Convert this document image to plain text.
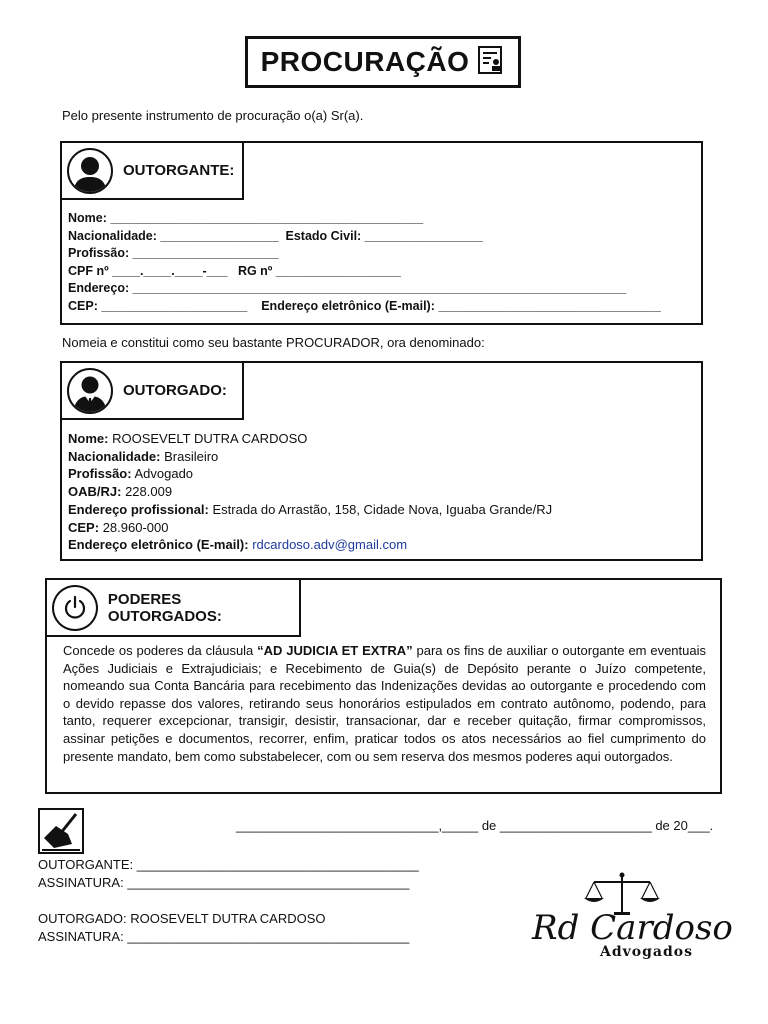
PROCURAÇÃO
Pelo presente instrumento de procuração o(a) Sr(a).
OUTORGANTE:
Nome: _____________________________________________
Nacionalidade: _________________  Estado Civil: _________________
Profissão: _____________________
CPF nº ____.____.____-___   RG nº __________________
Endereço: _______________________________________________________________________
CEP: _____________________    Endereço eletrônico (E-mail): ________________________________
Nomeia e constitui como seu bastante PROCURADOR, ora denominado:
OUTORGADO:
Nome: ROOSEVELT DUTRA CARDOSO
Nacionalidade: Brasileiro
Profissão: Advogado
OAB/RJ: 228.009
Endereço profissional: Estrada do Arrastão, 158, Cidade Nova, Iguaba Grande/RJ
CEP: 28.960-000
Endereço eletrônico (E-mail): rdcardoso.adv@gmail.com
PODERES OUTORGADOS:
Concede os poderes da cláusula “AD JUDICIA ET EXTRA” para os fins de auxiliar o outorgante em eventuais Ações Judiciais e Extrajudiciais; e Recebimento de Guia(s) de Depósito perante o Juízo competente, nomeando sua Conta Bancária para recebimento das Indenizações devidas ao outorgante e procedendo com o devido repasse dos valores, retirando seus honorários estipulados em contrato autônomo, podendo, para tanto, requerer excepcionar, transigir, desistir, transacionar, dar e receber quitação, firmar compromissos, assinar petições e documentos, recorrer, enfim, praticar todos os atos necessários ao fiel cumprimento do presente mandato, bem como substabelecer, com ou sem reserva dos mesmos poderes aqui outorgados.
____________________________,_____ de _____________________ de 20___.
OUTORGANTE: _______________________________________
ASSINATURA: _______________________________________
OUTORGADO: ROOSEVELT DUTRA CARDOSO
ASSINATURA: _______________________________________	Rd Cardoso
Advogados
